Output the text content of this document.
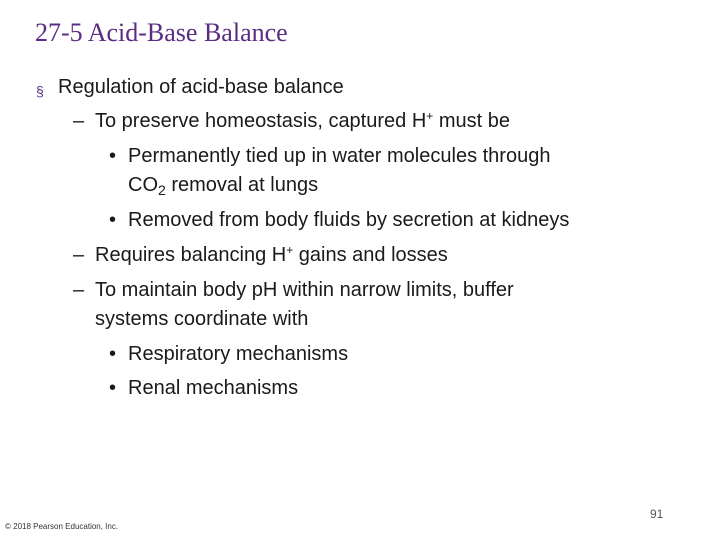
27-5 Acid-Base Balance
§ Regulation of acid-base balance
– To preserve homeostasis, captured H+ must be
• Permanently tied up in water molecules through
$CO_2$ removal at lungs
• Removed from body fluids by secretion at kidneys
– Requires balancing H+ gains and losses
– To maintain body pH within narrow limits, buffer
systems coordinate with
• Respiratory mechanisms
• Renal mechanisms
91
© 2018 Pearson Education, Inc.
